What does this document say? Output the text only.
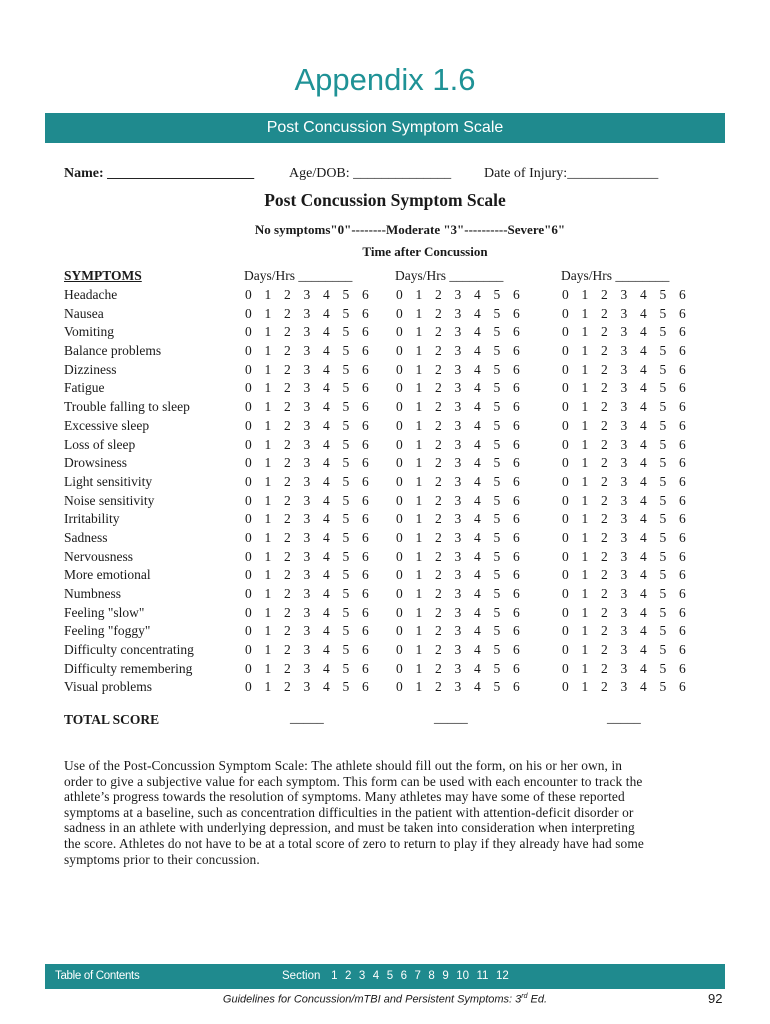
Appendix 1.6
Post Concussion Symptom Scale
Name: _____________________ Age/DOB: ______________ Date of Injury:_____________
Post Concussion Symptom Scale
No symptoms"0"--------Moderate "3"----------Severe"6"
Time after Concussion
SYMPTOMS	Days/Hrs ________	Days/Hrs ________	Days/Hrs ________
Headache	0 1 2 3 4 5 6	0 1 2 3 4 5 6	0 1 2 3 4 5 6
Nausea	0 1 2 3 4 5 6	0 1 2 3 4 5 6	0 1 2 3 4 5 6
Vomiting	0 1 2 3 4 5 6	0 1 2 3 4 5 6	0 1 2 3 4 5 6
Balance problems	0 1 2 3 4 5 6	0 1 2 3 4 5 6	0 1 2 3 4 5 6
Dizziness	0 1 2 3 4 5 6	0 1 2 3 4 5 6	0 1 2 3 4 5 6
Fatigue	0 1 2 3 4 5 6	0 1 2 3 4 5 6	0 1 2 3 4 5 6
Trouble falling to sleep	0 1 2 3 4 5 6	0 1 2 3 4 5 6	0 1 2 3 4 5 6
Excessive sleep	0 1 2 3 4 5 6	0 1 2 3 4 5 6	0 1 2 3 4 5 6
Loss of sleep	0 1 2 3 4 5 6	0 1 2 3 4 5 6	0 1 2 3 4 5 6
Drowsiness	0 1 2 3 4 5 6	0 1 2 3 4 5 6	0 1 2 3 4 5 6
Light sensitivity	0 1 2 3 4 5 6	0 1 2 3 4 5 6	0 1 2 3 4 5 6
Noise sensitivity	0 1 2 3 4 5 6	0 1 2 3 4 5 6	0 1 2 3 4 5 6
Irritability	0 1 2 3 4 5 6	0 1 2 3 4 5 6	0 1 2 3 4 5 6
Sadness	0 1 2 3 4 5 6	0 1 2 3 4 5 6	0 1 2 3 4 5 6
Nervousness	0 1 2 3 4 5 6	0 1 2 3 4 5 6	0 1 2 3 4 5 6
More emotional	0 1 2 3 4 5 6	0 1 2 3 4 5 6	0 1 2 3 4 5 6
Numbness	0 1 2 3 4 5 6	0 1 2 3 4 5 6	0 1 2 3 4 5 6
Feeling "slow"	0 1 2 3 4 5 6	0 1 2 3 4 5 6	0 1 2 3 4 5 6
Feeling "foggy"	0 1 2 3 4 5 6	0 1 2 3 4 5 6	0 1 2 3 4 5 6
Difficulty concentrating	0 1 2 3 4 5 6	0 1 2 3 4 5 6	0 1 2 3 4 5 6
Difficulty remembering	0 1 2 3 4 5 6	0 1 2 3 4 5 6	0 1 2 3 4 5 6
Visual problems	0 1 2 3 4 5 6	0 1 2 3 4 5 6	0 1 2 3 4 5 6
TOTAL SCORE	_____	_____	_____

Use of the Post-Concussion Symptom Scale: The athlete should fill out the form, on his or her own, in
order to give a subjective value for each symptom. This form can be used with each encounter to track the
athlete’s progress towards the resolution of symptoms. Many athletes may have some of these reported
symptoms at a baseline, such as concentration difficulties in the patient with attention-deficit disorder or
sadness in an athlete with underlying depression, and must be taken into consideration when interpreting
the score. Athletes do not have to be at a total score of zero to return to play if they already have had some
symptoms prior to their concussion.

Table of Contents	Section 1 2 3 4 5 6 7 8 9 10 11 12
Guidelines for Concussion/mTBI and Persistent Symptoms: 3rd Ed.	92
